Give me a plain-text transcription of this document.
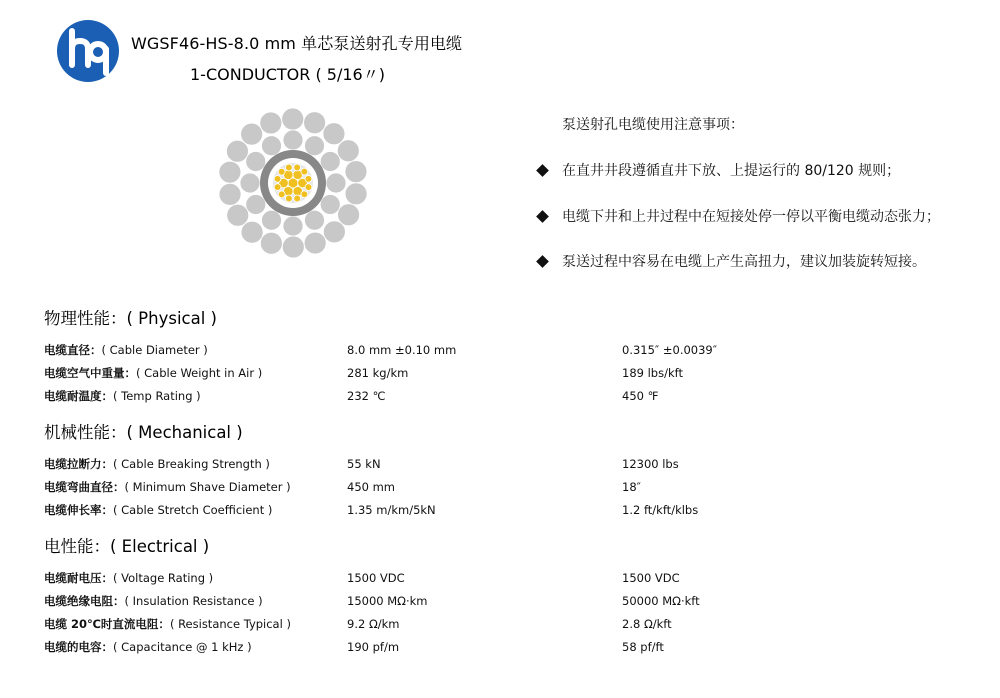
WGSF46-HS-8.0 mm 单芯泵送射孔专用电缆
1-CONDUCTOR ( 5/16〃)
泵送射孔电缆使用注意事项：
在直井井段遵循直井下放、上提运行的 80/120 规则；
电缆下井和上井过程中在短接处停一停以平衡电缆动态张力；
泵送过程中容易在电缆上产生高扭力，建议加装旋转短接。
物理性能：( Physical )
电缆直径：( Cable Diameter )	8.0 mm ±0.10 mm	0.315″ ±0.0039″
电缆空气中重量：( Cable Weight in Air )	281 kg/km	189 lbs/kft
电缆耐温度：( Temp Rating )	232 ℃	450 ℉
机械性能：( Mechanical )
电缆拉断力：( Cable Breaking Strength )	55 kN	12300 lbs
电缆弯曲直径：( Minimum Shave Diameter )	450 mm	18″
电缆伸长率：( Cable Stretch Coefficient )	1.35 m/km/5kN	1.2 ft/kft/klbs
电性能：( Electrical )
电缆耐电压：( Voltage Rating )	1500 VDC	1500 VDC
电缆绝缘电阻：( Insulation Resistance )	15000 MΩ·km	50000 MΩ·kft
电缆 20℃时直流电阻：( Resistance Typical )	9.2 Ω/km	2.8 Ω/kft
电缆的电容：( Capacitance @ 1 kHz )	190 pf/m	58 pf/ft
